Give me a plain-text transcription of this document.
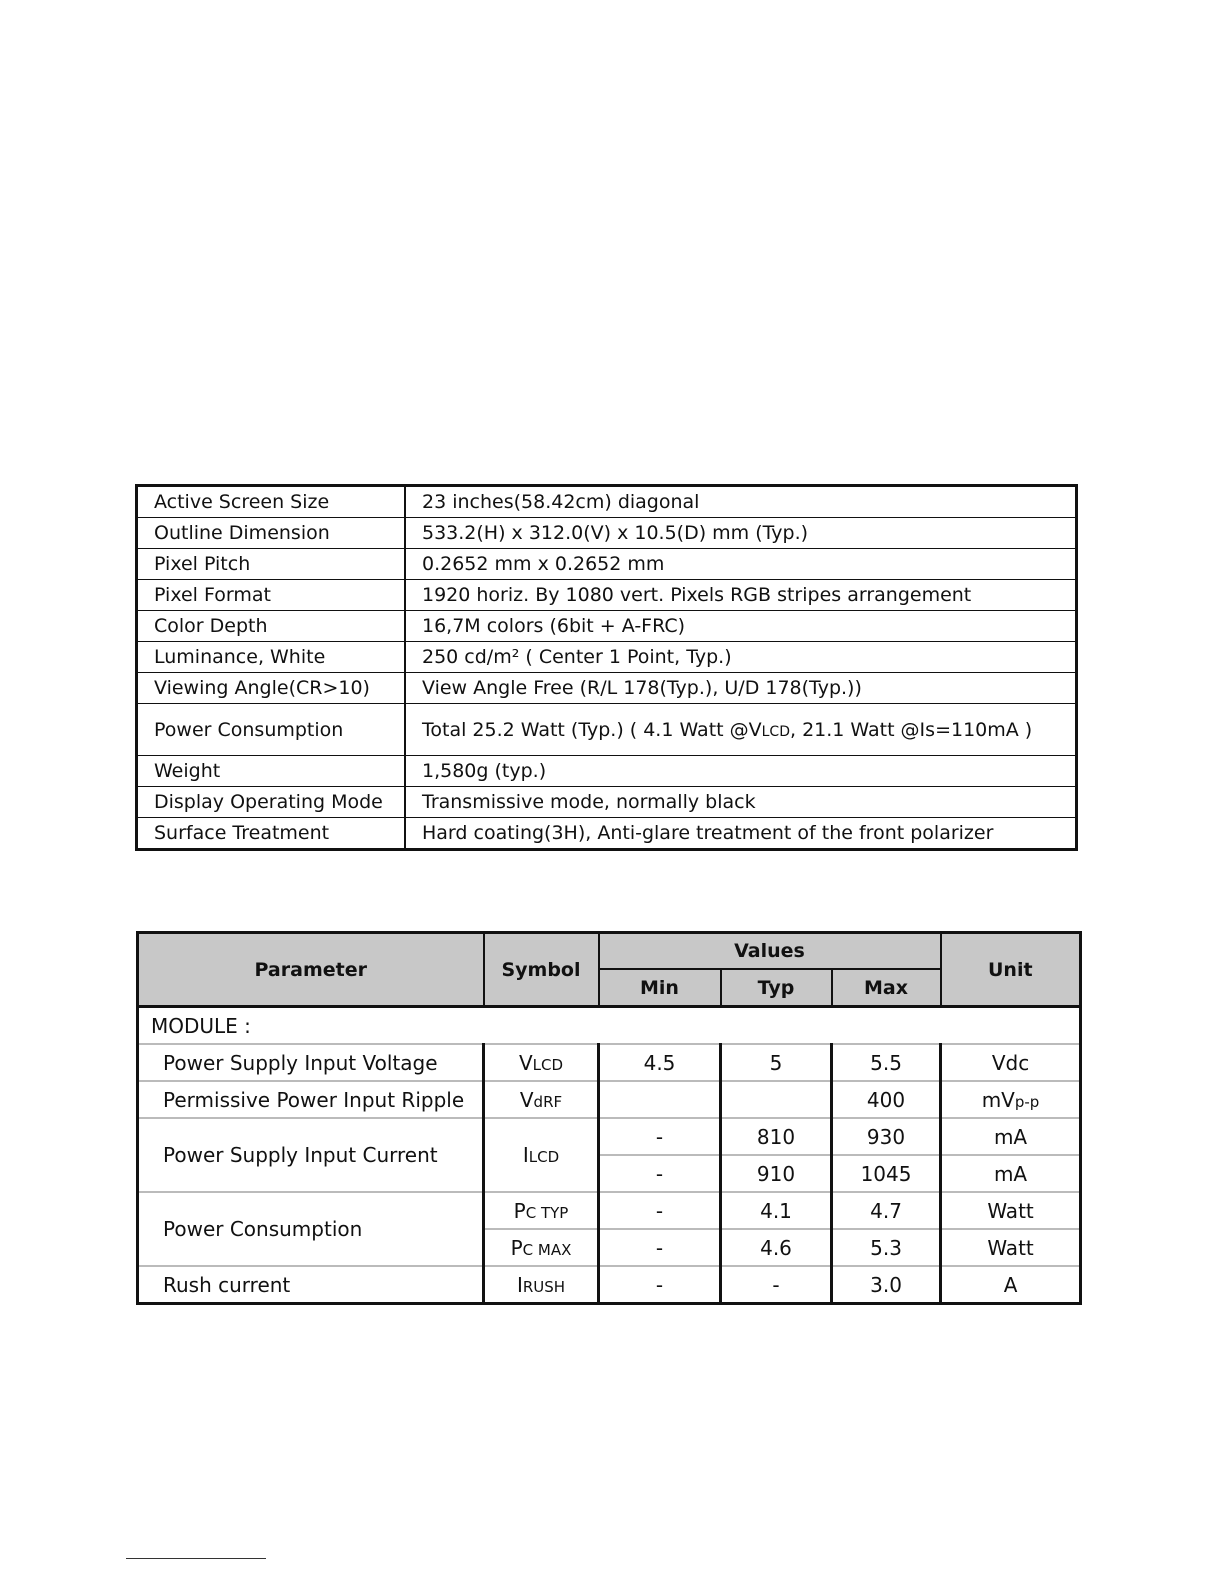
Active Screen Size	23 inches(58.42cm) diagonal
Outline Dimension	533.2(H) x 312.0(V) x 10.5(D) mm (Typ.)
Pixel Pitch	0.2652 mm x 0.2652 mm
Pixel Format	1920 horiz. By 1080 vert. Pixels RGB stripes arrangement
Color Depth	16,7M colors (6bit + A-FRC)
Luminance, White	250 cd/m² ( Center 1 Point, Typ.)
Viewing Angle(CR>10)	View Angle Free (R/L 178(Typ.), U/D 178(Typ.))
Power Consumption	Total 25.2 Watt (Typ.) ( 4.1 Watt @VLCD, 21.1 Watt @Is=110mA )
Weight	1,580g (typ.)
Display Operating Mode	Transmissive mode, normally black
Surface Treatment	Hard coating(3H), Anti-glare treatment of the front polarizer
Parameter	Symbol	Values			Unit
		Min	Typ	Max	
MODULE :					
Power Supply Input Voltage	VLCD	4.5	5	5.5	Vdc
Permissive Power Input Ripple	VdRF			400	mVp-p
Power Supply Input Current	ILCD	-	810	930	mA
		-	910	1045	mA
Power Consumption	PC TYP	-	4.1	4.7	Watt
	PC MAX	-	4.6	5.3	Watt
Rush current	IRUSH	-	-	3.0	A
